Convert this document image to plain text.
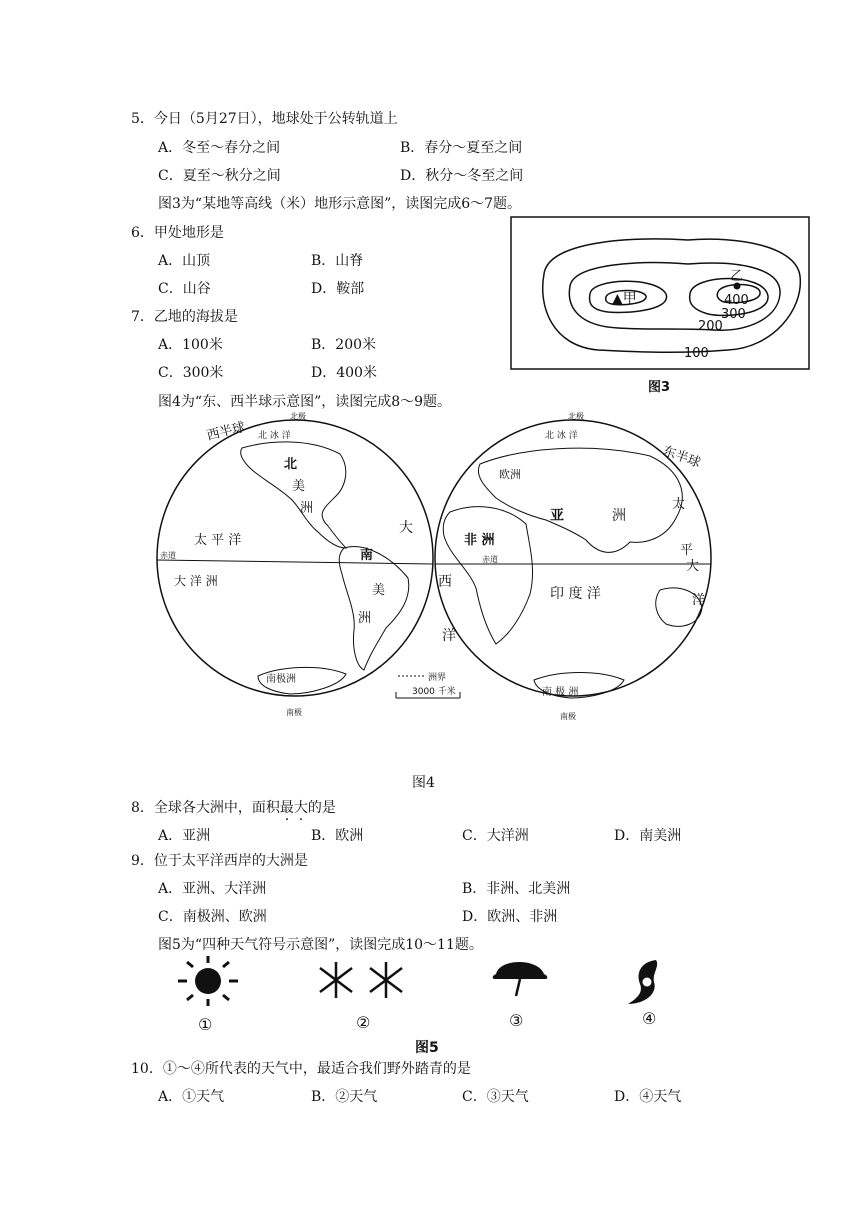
5．今日（5月27日），地球处于公转轨道上
A．冬至～春分之间	B．春分～夏至之间
C．夏至～秋分之间	D．秋分～冬至之间
图3为“某地等高线（米）地形示意图”，读图完成6～7题。
6．甲处地形是
A．山顶	B．山脊
C．山谷	D．鞍部
7．乙地的海拔是
A．100米	B．200米
C．300米	D．400米
乙
▲甲	400
300
200
100
图3
图4为“东、西半球示意图”，读图完成8～9题。
西半球
北极
北 冰 洋
北
美
洲
太 平 洋
大
赤道
大 洋 洲
南
美
洲
南极洲
南极
洲界
3000 千米
北极
北 冰 洋
东半球
欧洲
亚	洲
非 洲
赤道
印 度 洋
西
洋
太
平
洋
大
南 极 洲
南极
图4
8．全球各大洲中，面积最大的是
A．亚洲	B．欧洲	C．大洋洲	D．南美洲
9．位于太平洋西岸的大洲是
A．亚洲、大洋洲	B．非洲、北美洲
C．南极洲、欧洲	D．欧洲、非洲
图5为“四种天气符号示意图”，读图完成10～11题。
①	②	③	④
图5
10．①～④所代表的天气中，最适合我们野外踏青的是
A．①天气	B．②天气	C．③天气	D．④天气
